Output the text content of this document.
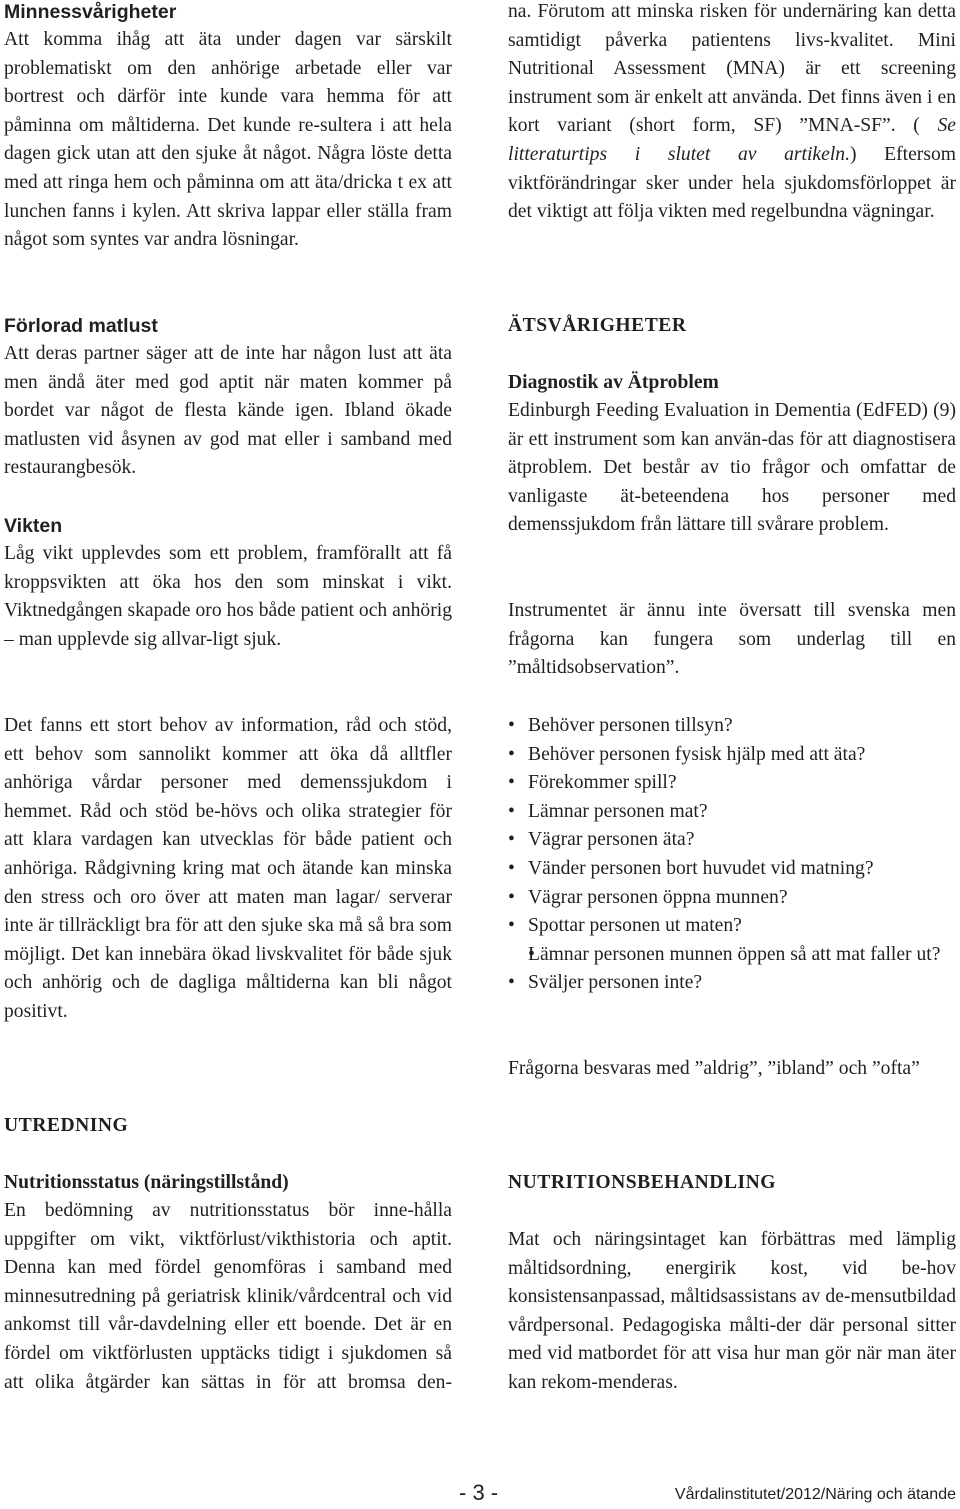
Minnessvårigheter

Att komma ihåg att äta under dagen var särskilt problematiskt om den anhörige arbetade eller var bortrest och därför inte kunde vara hemma för att påminna om måltiderna. Det kunde re-sultera i att hela dagen gick utan att den sjuke åt något. Några löste detta med att ringa hem och påminna om att äta/dricka t ex att lunchen fanns i kylen. Att skriva lappar eller ställa fram något som syntes var andra lösningar.

Förlorad matlust

Att deras partner säger att de inte har någon lust att äta men ändå äter med god aptit när maten kommer på bordet var något de flesta kände igen. Ibland ökade matlusten vid åsynen av god mat eller i samband med restaurangbesök.

Vikten

Låg vikt upplevdes som ett problem, framförallt att få kroppsvikten att öka hos den som minskat i vikt. Viktnedgången skapade oro hos både patient och anhörig – man upplevde sig allvar-ligt sjuk.

Det fanns ett stort behov av information, råd och stöd, ett behov som sannolikt kommer att öka då alltfler anhöriga vårdar personer med demenssjukdom i hemmet. Råd och stöd be-hövs och olika strategier för att klara vardagen kan utvecklas för både patient och anhöriga. Rådgivning kring mat och ätande kan minska den stress och oro över att maten man lagar/ serverar inte är tillräckligt bra för att den sjuke ska må så bra som möjligt. Det kan innebära ökad livskvalitet för både sjuk och anhörig och de dagliga måltiderna kan bli något positivt.

UTREDNING
Nutritionsstatus (näringstillstånd)

En bedömning av nutritionsstatus bör inne-hålla uppgifter om vikt, viktförlust/vikthistoria och aptit. Denna kan med fördel genomföras i samband med minnesutredning på geriatrisk klinik/vårdcentral och vid ankomst till vår-davdelning eller ett boende. Det är en fördel om viktförlusten upptäcks tidigt i sjukdomen så att olika åtgärder kan sättas in för att bromsa den-

na. Förutom att minska risken för undernäring kan detta samtidigt påverka patientens livs-kvalitet. Mini Nutritional Assessment (MNA) är ett screening instrument som är enkelt att använda. Det finns även i en kort variant (short form, SF) ”MNA-SF”. ( Se litteraturtips i slutet av artikeln.) Eftersom viktförändringar sker under hela sjukdomsförloppet är det viktigt att följa vikten med regelbundna vägningar.

ÄTSVÅRIGHETER
Diagnostik av Ätproblem

Edinburgh Feeding Evaluation in Dementia (EdFED) (9) är ett instrument som kan använ-das för att diagnostisera ätproblem. Det består av tio frågor och omfattar de vanligaste ät-beteendena hos personer med demenssjukdom från lättare till svårare problem.

Instrumentet är ännu inte översatt till svenska men frågorna kan fungera som underlag till en ”måltidsobservation”.

• Behöver personen tillsyn?
• Behöver personen fysisk hjälp med att äta?
• Förekommer spill?
• Lämnar personen mat?
• Vägrar personen äta?
• Vänder personen bort huvudet vid matning?
• Vägrar personen öppna munnen?
• Spottar personen ut maten?
• Lämnar personen munnen öppen så att mat faller ut?
• Sväljer personen inte?

Frågorna besvaras med ”aldrig”, ”ibland” och ”ofta”

NUTRITIONSBEHANDLING

Mat och näringsintaget kan förbättras med lämplig måltidsordning, energirik kost, vid be-hov konsistensanpassad, måltidsassistans av de-mensutbildad vårdpersonal. Pedagogiska målti-der där personal sitter med vid matbordet för att visa hur man gör när man äter kan rekom-menderas.

- 3 -	Vårdalinstitutet/2012/Näring och ätande
